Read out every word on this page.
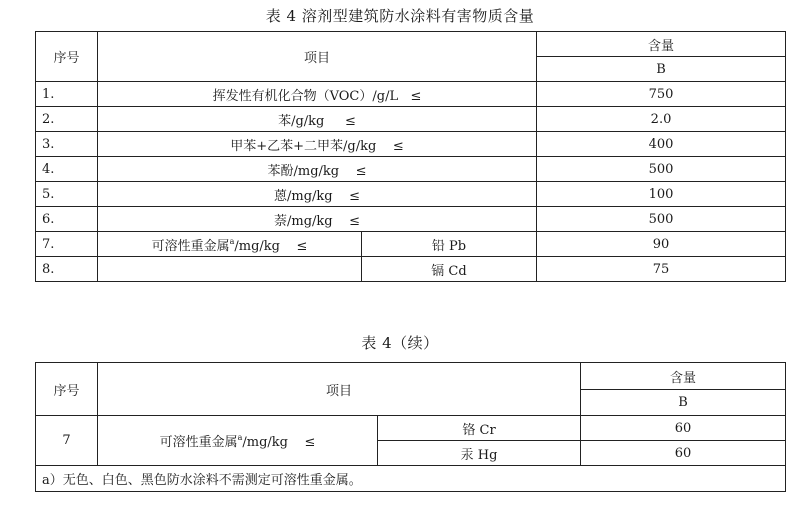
表 4 溶剂型建筑防水涂料有害物质含量
序号	项目		含量
			B
1.	挥发性有机化合物（VOC）/g/L ≤		750
2.	苯/g/kg ≤		2.0
3.	甲苯+乙苯+二甲苯/g/kg ≤		400
4.	苯酚/mg/kg ≤		500
5.	蒽/mg/kg ≤		100
6.	萘/mg/kg ≤		500
7.	可溶性重金属$^a$/mg/kg ≤	铅 Pb	90
8.		镉 Cd	75
表 4（续）
序号	项目		含量
			B
7	可溶性重金属$^a$/mg/kg ≤	铬 Cr	60
		汞 Hg	60
a）无色、白色、黑色防水涂料不需测定可溶性重金属。			
